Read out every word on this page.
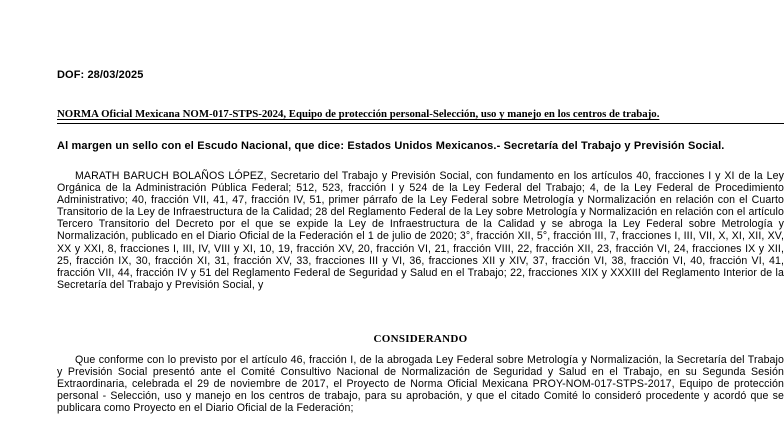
DOF: 28/03/2025
NORMA Oficial Mexicana NOM-017-STPS-2024, Equipo de protección personal-Selección, uso y manejo en los centros de trabajo.
Al margen un sello con el Escudo Nacional, que dice: Estados Unidos Mexicanos.- Secretaría del Trabajo y Previsión Social.
MARATH BARUCH BOLAÑOS LÓPEZ, Secretario del Trabajo y Previsión Social, con fundamento en los artículos 40, fracciones I y XI de la Ley Orgánica de la Administración Pública Federal; 512, 523, fracción I y 524 de la Ley Federal del Trabajo; 4, de la Ley Federal de Procedimiento Administrativo; 40, fracción VII, 41, 47, fracción IV, 51, primer párrafo de la Ley Federal sobre Metrología y Normalización en relación con el Cuarto Transitorio de la Ley de Infraestructura de la Calidad; 28 del Reglamento Federal de la Ley sobre Metrología y Normalización en relación con el artículo Tercero Transitorio del Decreto por el que se expide la Ley de Infraestructura de la Calidad y se abroga la Ley Federal sobre Metrología y Normalización, publicado en el Diario Oficial de la Federación el 1 de julio de 2020; 3°, fracción XII, 5°, fracción III, 7, fracciones I, III, VII, X, XI, XII, XV, XX y XXI, 8, fracciones I, III, IV, VIII y XI, 10, 19, fracción XV, 20, fracción VI, 21, fracción VIII, 22, fracción XII, 23, fracción VI, 24, fracciones IX y XII, 25, fracción IX, 30, fracción XI, 31, fracción XV, 33, fracciones III y VI, 36, fracciones XII y XIV, 37, fracción VI, 38, fracción VI, 40, fracción VI, 41, fracción VII, 44, fracción IV y 51 del Reglamento Federal de Seguridad y Salud en el Trabajo; 22, fracciones XIX y XXXIII del Reglamento Interior de la Secretaría del Trabajo y Previsión Social, y
CONSIDERANDO
Que conforme con lo previsto por el artículo 46, fracción I, de la abrogada Ley Federal sobre Metrología y Normalización, la Secretaría del Trabajo y Previsión Social presentó ante el Comité Consultivo Nacional de Normalización de Seguridad y Salud en el Trabajo, en su Segunda Sesión Extraordinaria, celebrada el 29 de noviembre de 2017, el Proyecto de Norma Oficial Mexicana PROY-NOM-017-STPS-2017, Equipo de protección personal - Selección, uso y manejo en los centros de trabajo, para su aprobación, y que el citado Comité lo consideró procedente y acordó que se publicara como Proyecto en el Diario Oficial de la Federación;
